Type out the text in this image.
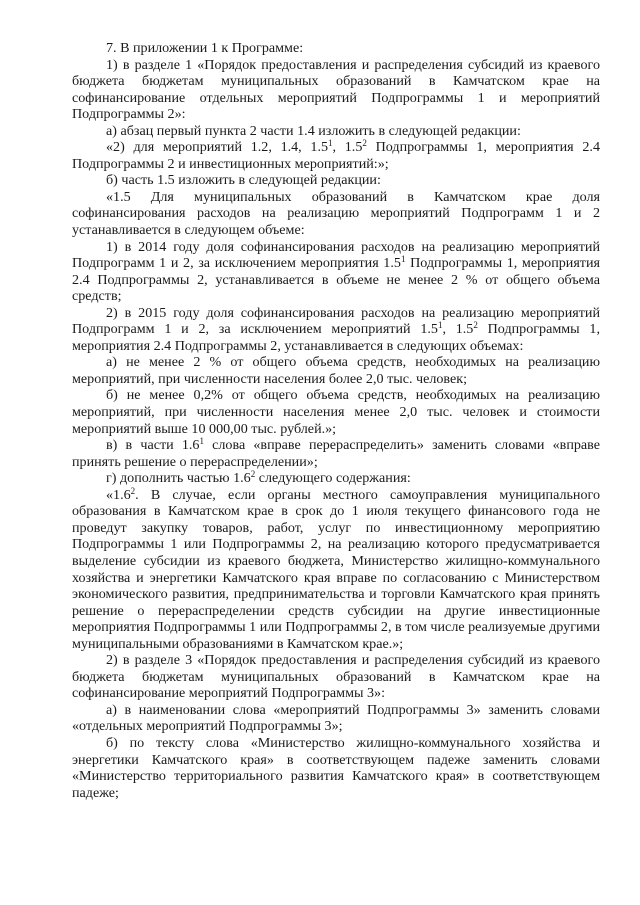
7. В приложении 1 к Программе:

1) в разделе 1 «Порядок предоставления и распределения субсидий из краевого бюджета бюджетам муниципальных образований в Камчатском крае на софинансирование отдельных мероприятий Подпрограммы 1 и мероприятий Подпрограммы 2»:

а) абзац первый пункта 2 части 1.4 изложить в следующей редакции:

«2) для мероприятий 1.2, 1.4, $1.5^1$, $1.5^2$ Подпрограммы 1, мероприятия 2.4 Подпрограммы 2 и инвестиционных мероприятий:»;

б) часть 1.5 изложить в следующей редакции:

«1.5 Для муниципальных образований в Камчатском крае доля софинансирования расходов на реализацию мероприятий Подпрограмм 1 и 2 устанавливается в следующем объеме:

1) в 2014 году доля софинансирования расходов на реализацию мероприятий Подпрограмм 1 и 2, за исключением мероприятия $1.5^1$ Подпрограммы 1, мероприятия 2.4 Подпрограммы 2, устанавливается в объеме не менее 2 % от общего объема средств;

2) в 2015 году доля софинансирования расходов на реализацию мероприятий Подпрограмм 1 и 2, за исключением мероприятий $1.5^1$, $1.5^2$ Подпрограммы 1, мероприятия 2.4 Подпрограммы 2, устанавливается в следующих объемах:

а) не менее 2 % от общего объема средств, необходимых на реализацию мероприятий, при численности населения более 2,0 тыс. человек;

б) не менее 0,2% от общего объема средств, необходимых на реализацию мероприятий, при численности населения менее 2,0 тыс. человек и стоимости мероприятий выше 10 000,00 тыс. рублей.»;

в) в части $1.6^1$ слова «вправе перераспределить» заменить словами «вправе принять решение о перераспределении»;

г) дополнить частью $1.6^2$ следующего содержания:

«$1.6^2$. В случае, если органы местного самоуправления муниципального образования в Камчатском крае в срок до 1 июля текущего финансового года не проведут закупку товаров, работ, услуг по инвестиционному мероприятию Подпрограммы 1 или Подпрограммы 2, на реализацию которого предусматривается выделение субсидии из краевого бюджета, Министерство жилищно-коммунального хозяйства и энергетики Камчатского края вправе по согласованию с Министерством экономического развития, предпринимательства и торговли Камчатского края принять решение о перераспределении средств субсидии на другие инвестиционные мероприятия Подпрограммы 1 или Подпрограммы 2, в том числе реализуемые другими муниципальными образованиями в Камчатском крае.»;

2) в разделе 3 «Порядок предоставления и распределения субсидий из краевого бюджета бюджетам муниципальных образований в Камчатском крае на софинансирование мероприятий Подпрограммы 3»:

а) в наименовании слова «мероприятий Подпрограммы 3» заменить словами «отдельных мероприятий Подпрограммы 3»;

б) по тексту слова «Министерство жилищно-коммунального хозяйства и энергетики Камчатского края» в соответствующем падеже заменить словами «Министерство территориального развития Камчатского края» в соответствующем падеже;
